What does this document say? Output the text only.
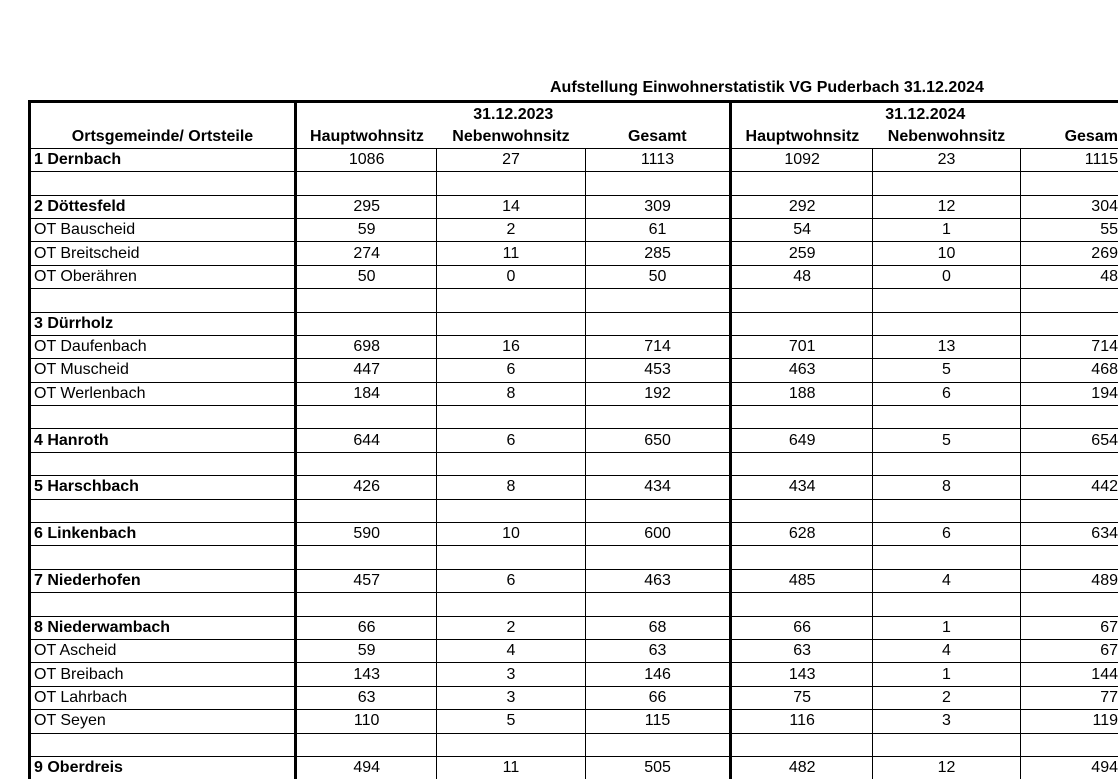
Aufstellung Einwohnerstatistik VG Puderbach 31.12.2024
	31.12.2023			31.12.2024		
Ortsgemeinde/ Ortsteile	Hauptwohnsitz	Nebenwohnsitz	Gesamt	Hauptwohnsitz	Nebenwohnsitz	Gesam
1 Dernbach	1086	27	1113	1092	23	1115

2 Döttesfeld	295	14	309	292	12	304
OT Bauscheid	59	2	61	54	1	55
OT Breitscheid	274	11	285	259	10	269
OT Oberähren	50	0	50	48	0	48

3 Dürrholz						
OT Daufenbach	698	16	714	701	13	714
OT Muscheid	447	6	453	463	5	468
OT Werlenbach	184	8	192	188	6	194

4 Hanroth	644	6	650	649	5	654

5 Harschbach	426	8	434	434	8	442

6 Linkenbach	590	10	600	628	6	634

7 Niederhofen	457	6	463	485	4	489

8 Niederwambach	66	2	68	66	1	67
OT Ascheid	59	4	63	63	4	67
OT Breibach	143	3	146	143	1	144
OT Lahrbach	63	3	66	75	2	77
OT Seyen	110	5	115	116	3	119

9 Oberdreis	494	11	505	482	12	494
